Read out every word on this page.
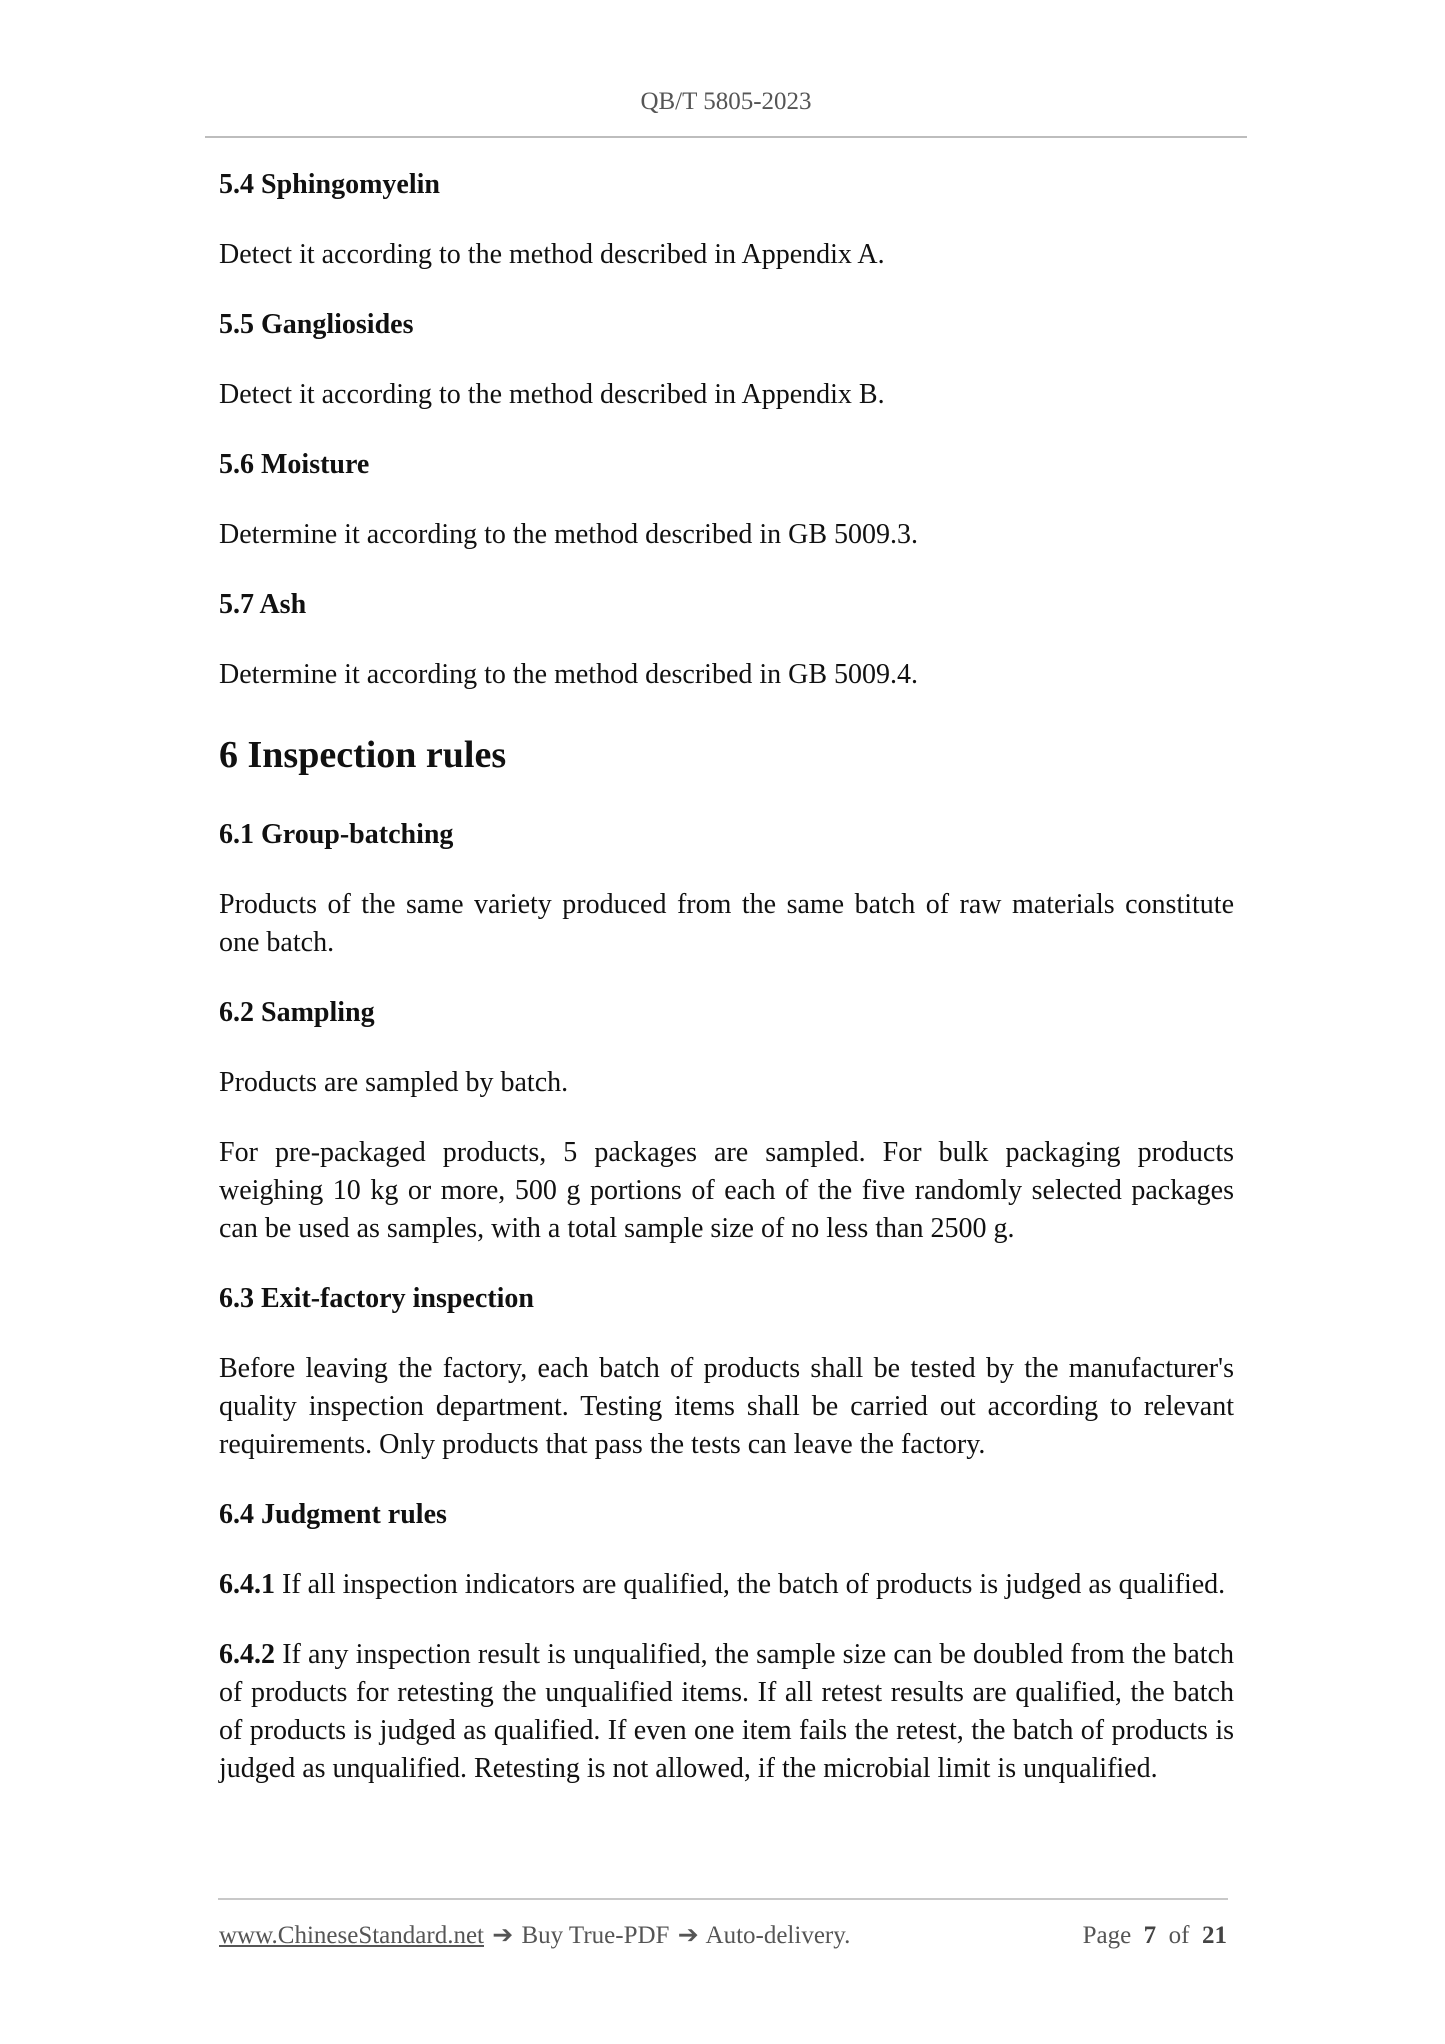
QB/T 5805-2023
5.4 Sphingomyelin

Detect it according to the method described in Appendix A.

5.5 Gangliosides

Detect it according to the method described in Appendix B.

5.6 Moisture

Determine it according to the method described in GB 5009.3.

5.7 Ash

Determine it according to the method described in GB 5009.4.

6 Inspection rules
6.1 Group-batching

Products of the same variety produced from the same batch of raw materials constitute one batch.

6.2 Sampling

Products are sampled by batch.

For pre-packaged products, 5 packages are sampled. For bulk packaging products weighing 10 kg or more, 500 g portions of each of the five randomly selected packages can be used as samples, with a total sample size of no less than 2500 g.

6.3 Exit-factory inspection

Before leaving the factory, each batch of products shall be tested by the manufacturer's quality inspection department. Testing items shall be carried out according to relevant requirements. Only products that pass the tests can leave the factory.

6.4 Judgment rules

6.4.1 If all inspection indicators are qualified, the batch of products is judged as qualified.

6.4.2 If any inspection result is unqualified, the sample size can be doubled from the batch of products for retesting the unqualified items. If all retest results are qualified, the batch of products is judged as qualified. If even one item fails the retest, the batch of products is judged as unqualified. Retesting is not allowed, if the microbial limit is unqualified.

www.ChineseStandard.net ➔ Buy True-PDF ➔ Auto-delivery.	Page 7 of 21
